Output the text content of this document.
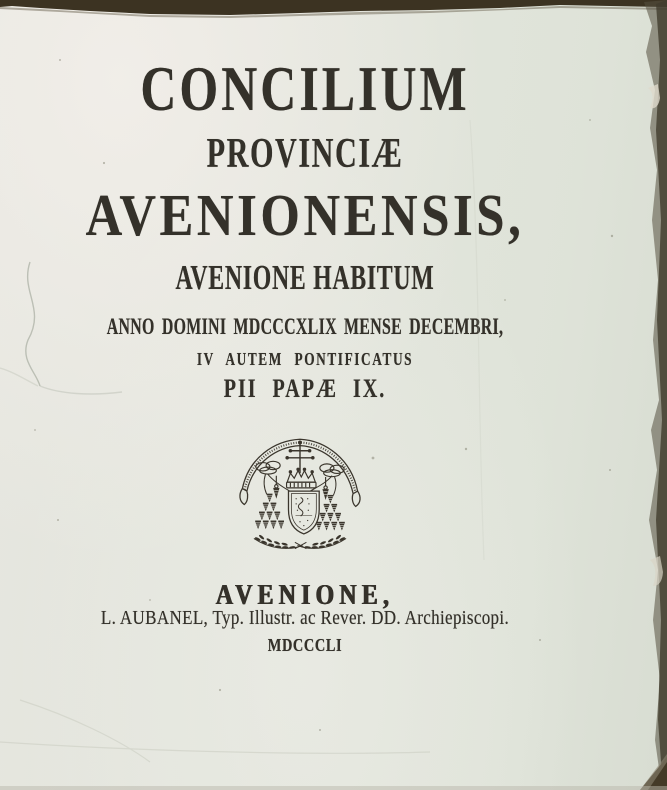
CONCILIUM
PROVINCIÆ
AVENIONENSIS,
AVENIONE HABITUM
ANNO DOMINI MDCCCXLIX MENSE DECEMBRI,
IV AUTEM PONTIFICATUS
PII PAPÆ IX.
AVENIONE,
L. AUBANEL, Typ. Illustr. ac Rever. DD. Archiepiscopi.
MDCCCLI
